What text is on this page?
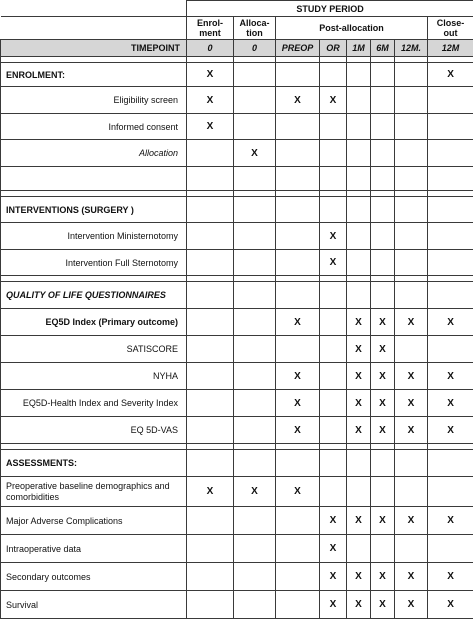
	STUDY PERIOD							
	Enrol-ment	Alloca-tion	Post-allocation					Close-out
TIMEPOINT	0	0	PREOP	OR	1M	6M	12M.	12M

ENROLMENT:	X							X
Eligibility screen	X		X	X				
Informed consent	X							
Allocation		X						

INTERVENTIONS (SURGERY )								
Intervention Ministernotomy				X				
Intervention Full Sternotomy				X				

QUALITY OF LIFE QUESTIONNAIRES								
EQ5D Index (Primary outcome)			X		X	X	X	X
SATISCORE					X	X		
NYHA			X		X	X	X	X
EQ5D-Health Index and Severity Index			X		X	X	X	X
EQ 5D-VAS			X		X	X	X	X

ASSESSMENTS:								
Preoperative baseline demographics and comorbidities	X	X	X					
Major Adverse Complications				X	X	X	X	X
Intraoperative data				X				
Secondary outcomes				X	X	X	X	X
Survival				X	X	X	X	X
